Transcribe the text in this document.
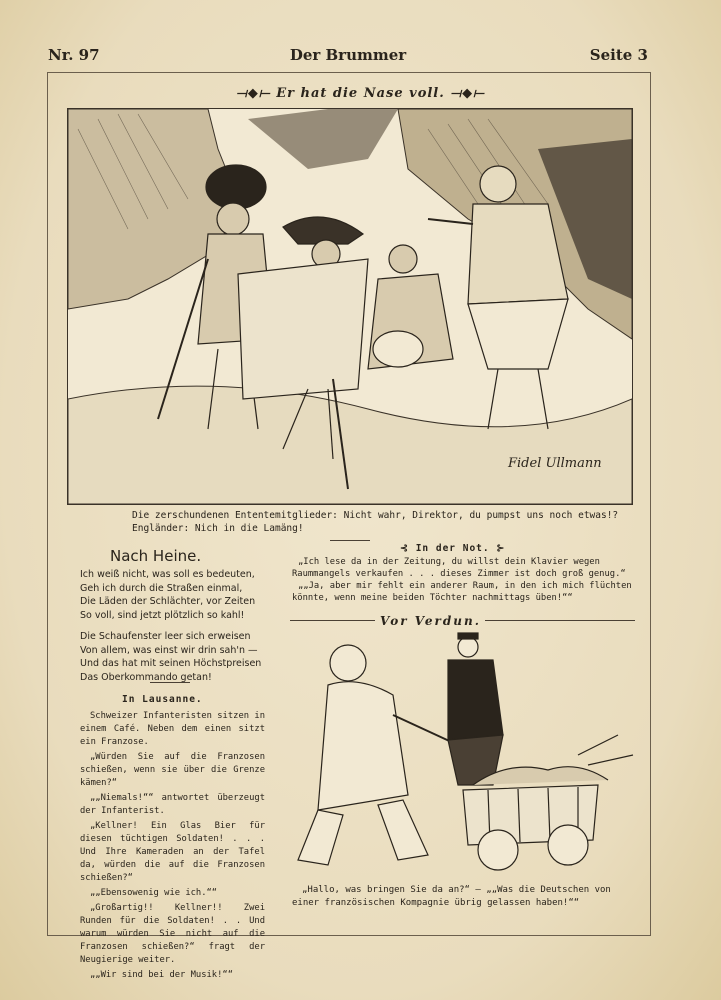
Nr. 97	Der Brummer	Seite 3
⟞◆⟝ Er hat die Nase voll. ⟞◆⟝
Fidel Ullmann
Die zerschundenen Ententemitglieder: Nicht wahr, Direktor, du pumpst uns noch etwas!?
Engländer: Nich in die Lamäng!
Nach Heine.

Ich weiß nicht, was soll es bedeuten,
Geh ich durch die Straßen einmal,
Die Läden der Schlächter, vor Zeiten
So voll, sind jetzt plötzlich so kahl!

Die Schaufenster leer sich erweisen
Von allem, was einst wir drin sah'n —
Und das hat mit seinen Höchstpreisen
Das Oberkommando getan!

In Lausanne.

Schweizer Infanteristen sitzen in einem Café. Neben dem einen sitzt ein Franzose.

„Würden Sie auf die Franzosen schießen, wenn sie über die Grenze kämen?“

„„Niemals!““ antwortet überzeugt der Infanterist.

„Kellner! Ein Glas Bier für diesen tüchtigen Soldaten! . . . Und Ihre Kameraden an der Tafel da, würden die auf die Franzosen schießen?“

„„Ebensowenig wie ich.““

„Großartig!! Kellner!! Zwei Runden für die Soldaten! . . Und warum würden Sie nicht auf die Franzosen schießen?“ fragt der Neugierige weiter.

„„Wir sind bei der Musik!““

⊰ In der Not. ⊱

„Ich lese da in der Zeitung, du willst dein Klavier wegen Raummangels verkaufen . . . dieses Zimmer ist doch groß genug.“

„„Ja, aber mir fehlt ein anderer Raum, in den ich mich flüchten könnte, wenn meine beiden Töchter nachmittags üben!““

Vor Verdun.
„Hallo, was bringen Sie da an?“ — „„Was die Deutschen von einer französischen Kompagnie übrig gelassen haben!““
